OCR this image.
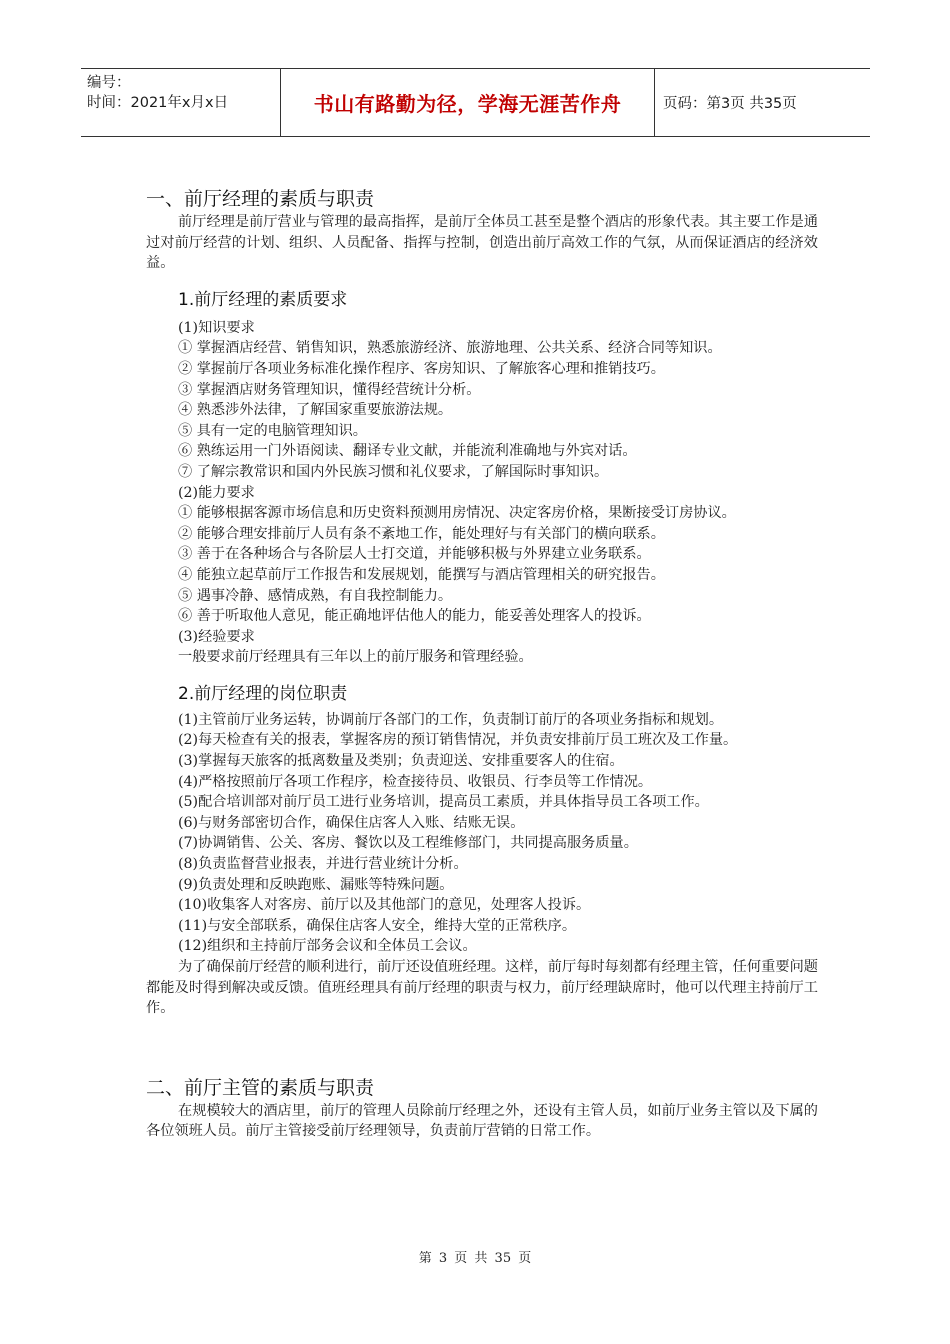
编号：
时间：2021年x月x日	书山有路勤为径，学海无涯苦作舟	页码：第3页 共35页
一、前厅经理的素质与职责

前厅经理是前厅营业与管理的最高指挥，是前厅全体员工甚至是整个酒店的形象代表。其主要工作是通过对前厅经营的计划、组织、人员配备、指挥与控制，创造出前厅高效工作的气氛，从而保证酒店的经济效益。

1.前厅经理的素质要求

(1)知识要求

① 掌握酒店经营、销售知识，熟悉旅游经济、旅游地理、公共关系、经济合同等知识。

② 掌握前厅各项业务标准化操作程序、客房知识、了解旅客心理和推销技巧。

③ 掌握酒店财务管理知识，懂得经营统计分析。

④ 熟悉涉外法律，了解国家重要旅游法规。

⑤ 具有一定的电脑管理知识。

⑥ 熟练运用一门外语阅读、翻译专业文献，并能流利准确地与外宾对话。

⑦ 了解宗教常识和国内外民族习惯和礼仪要求，了解国际时事知识。

(2)能力要求

① 能够根据客源市场信息和历史资料预测用房情况、决定客房价格，果断接受订房协议。

② 能够合理安排前厅人员有条不紊地工作，能处理好与有关部门的横向联系。

③ 善于在各种场合与各阶层人士打交道，并能够积极与外界建立业务联系。

④ 能独立起草前厅工作报告和发展规划，能撰写与酒店管理相关的研究报告。

⑤ 遇事冷静、感情成熟，有自我控制能力。

⑥ 善于听取他人意见，能正确地评估他人的能力，能妥善处理客人的投诉。

(3)经验要求

一般要求前厅经理具有三年以上的前厅服务和管理经验。

2.前厅经理的岗位职责

(1)主管前厅业务运转，协调前厅各部门的工作，负责制订前厅的各项业务指标和规划。

(2)每天检查有关的报表，掌握客房的预订销售情况，并负责安排前厅员工班次及工作量。

(3)掌握每天旅客的抵离数量及类别；负责迎送、安排重要客人的住宿。

(4)严格按照前厅各项工作程序，检查接待员、收银员、行李员等工作情况。

(5)配合培训部对前厅员工进行业务培训，提高员工素质，并具体指导员工各项工作。

(6)与财务部密切合作，确保住店客人入账、结账无误。

(7)协调销售、公关、客房、餐饮以及工程维修部门，共同提高服务质量。

(8)负责监督营业报表，并进行营业统计分析。

(9)负责处理和反映跑账、漏账等特殊问题。

(10)收集客人对客房、前厅以及其他部门的意见，处理客人投诉。

(11)与安全部联系，确保住店客人安全，维持大堂的正常秩序。

(12)组织和主持前厅部务会议和全体员工会议。

为了确保前厅经营的顺利进行，前厅还设值班经理。这样，前厅每时每刻都有经理主管，任何重要问题都能及时得到解决或反馈。值班经理具有前厅经理的职责与权力，前厅经理缺席时，他可以代理主持前厅工作。

二、前厅主管的素质与职责

在规模较大的酒店里，前厅的管理人员除前厅经理之外，还设有主管人员，如前厅业务主管以及下属的各位领班人员。前厅主管接受前厅经理领导，负责前厅营销的日常工作。

第 3 页 共 35 页
